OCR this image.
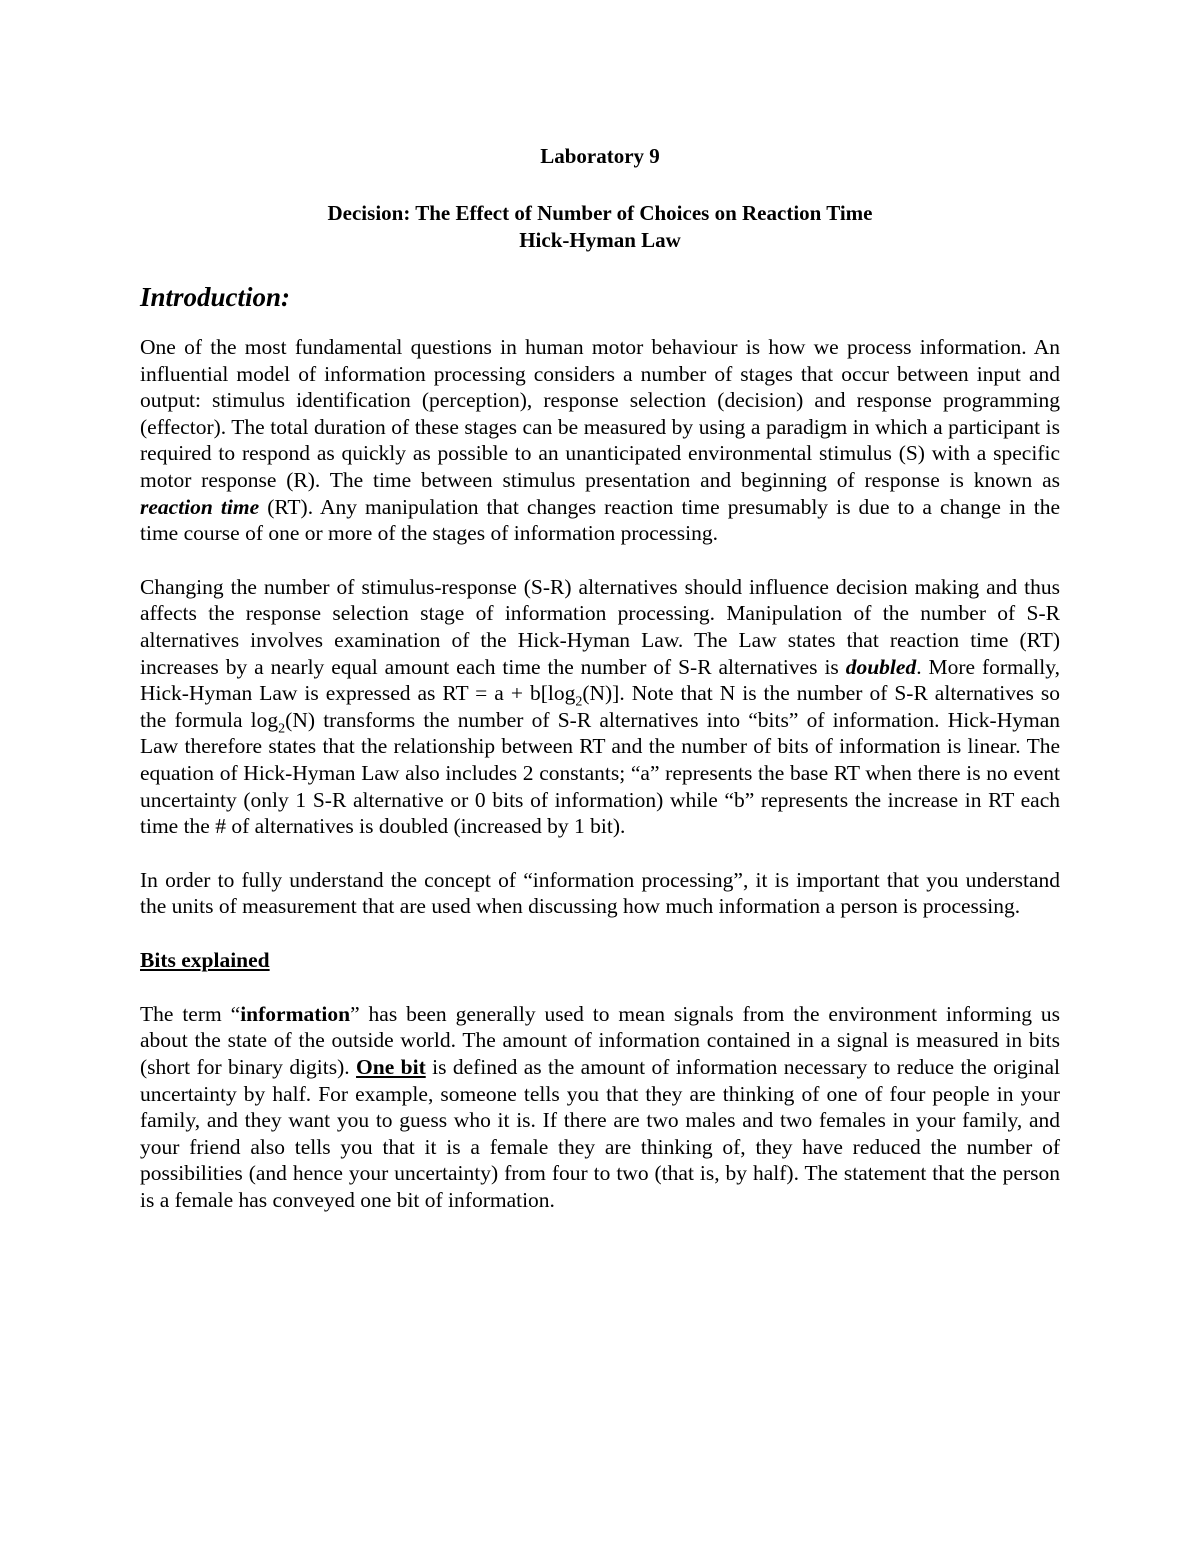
Laboratory 9
Decision: The Effect of Number of Choices on Reaction Time
Hick-Hyman Law
Introduction:

One of the most fundamental questions in human motor behaviour is how we process information. An influential model of information processing considers a number of stages that occur between input and output: stimulus identification (perception), response selection (decision) and response programming (effector). The total duration of these stages can be measured by using a paradigm in which a participant is required to respond as quickly as possible to an unanticipated environmental stimulus (S) with a specific motor response (R). The time between stimulus presentation and beginning of response is known as reaction time (RT). Any manipulation that changes reaction time presumably is due to a change in the time course of one or more of the stages of information processing.

Changing the number of stimulus-response (S-R) alternatives should influence decision making and thus affects the response selection stage of information processing. Manipulation of the number of S-R alternatives involves examination of the Hick-Hyman Law. The Law states that reaction time (RT) increases by a nearly equal amount each time the number of S-R alternatives is doubled. More formally, Hick-Hyman Law is expressed as RT = $a + b[\log_2(N)]$. Note that N is the number of S-R alternatives so the formula $\log_2(N)$ transforms the number of S-R alternatives into “bits” of information. Hick-Hyman Law therefore states that the relationship between RT and the number of bits of information is linear. The equation of Hick-Hyman Law also includes 2 constants; “a” represents the base RT when there is no event uncertainty (only 1 S-R alternative or 0 bits of information) while “b” represents the increase in RT each time the # of alternatives is doubled (increased by 1 bit).

In order to fully understand the concept of “information processing”, it is important that you understand the units of measurement that are used when discussing how much information a person is processing.

Bits explained

The term “information” has been generally used to mean signals from the environment informing us about the state of the outside world. The amount of information contained in a signal is measured in bits (short for binary digits). One bit is defined as the amount of information necessary to reduce the original uncertainty by half. For example, someone tells you that they are thinking of one of four people in your family, and they want you to guess who it is. If there are two males and two females in your family, and your friend also tells you that it is a female they are thinking of, they have reduced the number of possibilities (and hence your uncertainty) from four to two (that is, by half). The statement that the person is a female has conveyed one bit of information.
